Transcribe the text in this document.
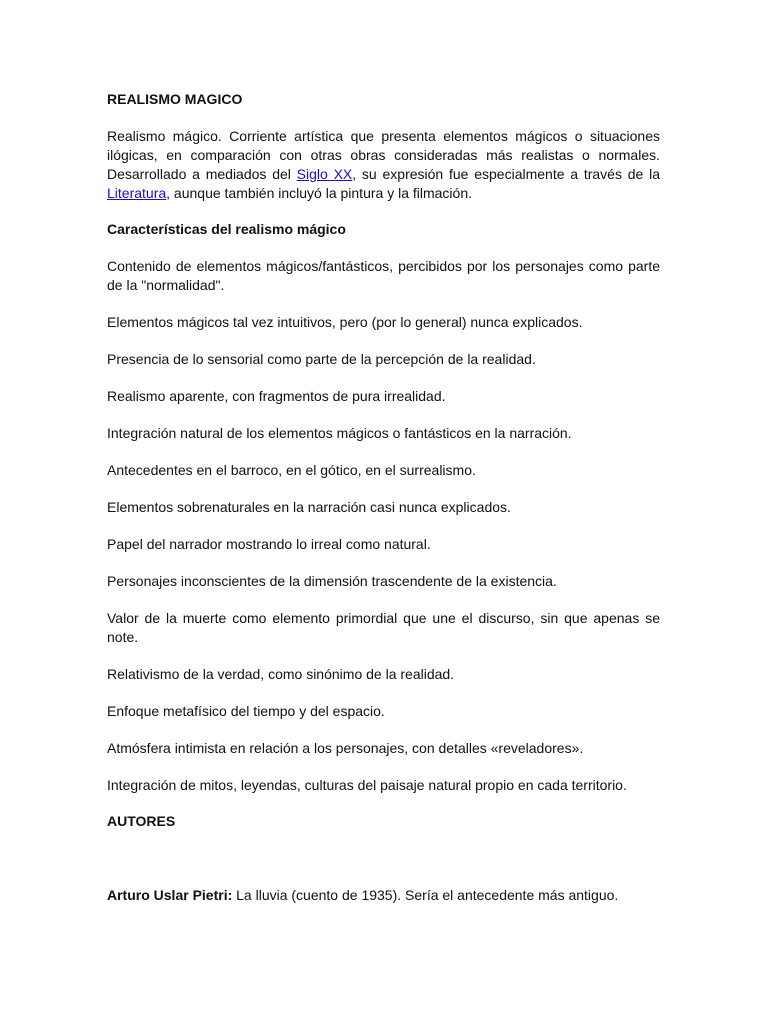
REALISMO MAGICO

Realismo mágico. Corriente artística que presenta elementos mágicos o situaciones ilógicas, en comparación con otras obras consideradas más realistas o normales. Desarrollado a mediados del Siglo XX, su expresión fue especialmente a través de la Literatura, aunque también incluyó la pintura y la filmación.

Características del realismo mágico

Contenido de elementos mágicos/fantásticos, percibidos por los personajes como parte de la "normalidad".

Elementos mágicos tal vez intuitivos, pero (por lo general) nunca explicados.

Presencia de lo sensorial como parte de la percepción de la realidad.

Realismo aparente, con fragmentos de pura irrealidad.

Integración natural de los elementos mágicos o fantásticos en la narración.

Antecedentes en el barroco, en el gótico, en el surrealismo.

Elementos sobrenaturales en la narración casi nunca explicados.

Papel del narrador mostrando lo irreal como natural.

Personajes inconscientes de la dimensión trascendente de la existencia.

Valor de la muerte como elemento primordial que une el discurso, sin que apenas se note.

Relativismo de la verdad, como sinónimo de la realidad.

Enfoque metafísico del tiempo y del espacio.

Atmósfera intimista en relación a los personajes, con detalles «reveladores».

Integración de mitos, leyendas, culturas del paisaje natural propio en cada territorio.

AUTORES

Arturo Uslar Pietri: La lluvia (cuento de 1935). Sería el antecedente más antiguo.
